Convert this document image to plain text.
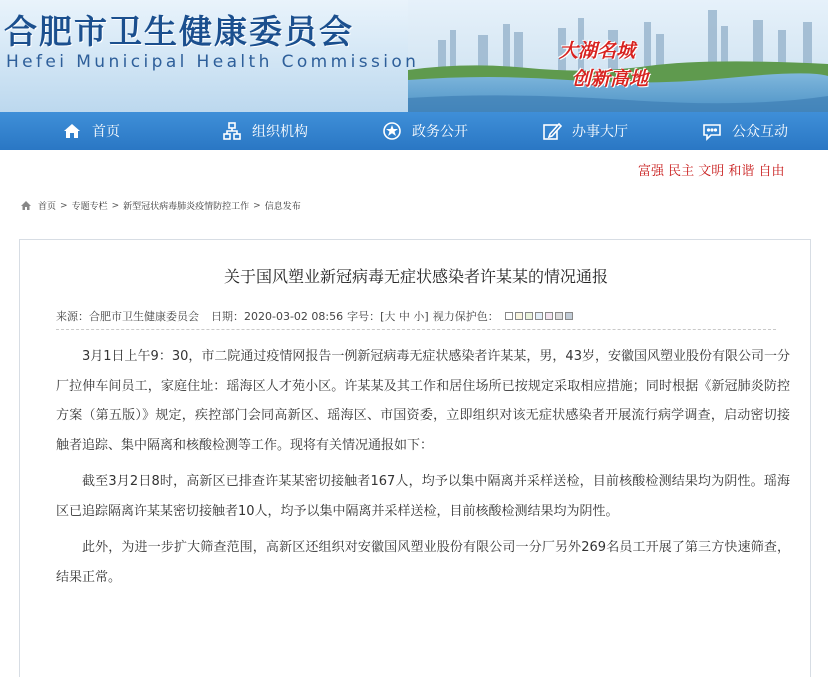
合肥市卫生健康委员会
Hefei Municipal Health Commission	大湖名城
创新高地
首页	组织机构	政务公开	办事大厅	公众互动
富强 民主 文明 和谐 自由
首页 > 专题专栏 > 新型冠状病毒肺炎疫情防控工作 > 信息发布
关于国风塑业新冠病毒无症状感染者许某某的情况通报
来源：合肥市卫生健康委员会 日期：2020-03-02 08:56 字号：[大 中 小] 视力保护色：

3月1日上午9：30，市二院通过疫情网报告一例新冠病毒无症状感染者许某某，男，43岁，安徽国风塑业股份有限公司一分厂拉伸车间员工，家庭住址：瑶海区人才苑小区。许某某及其工作和居住场所已按规定采取相应措施；同时根据《新冠肺炎防控方案（第五版）》规定，疾控部门会同高新区、瑶海区、市国资委，立即组织对该无症状感染者开展流行病学调查，启动密切接触者追踪、集中隔离和核酸检测等工作。现将有关情况通报如下：

截至3月2日8时，高新区已排查许某某密切接触者167人，均予以集中隔离并采样送检，目前核酸检测结果均为阴性。瑶海区已追踪隔离许某某密切接触者10人，均予以集中隔离并采样送检，目前核酸检测结果均为阴性。

此外，为进一步扩大筛查范围，高新区还组织对安徽国风塑业股份有限公司一分厂另外269名员工开展了第三方快速筛查，结果正常。
